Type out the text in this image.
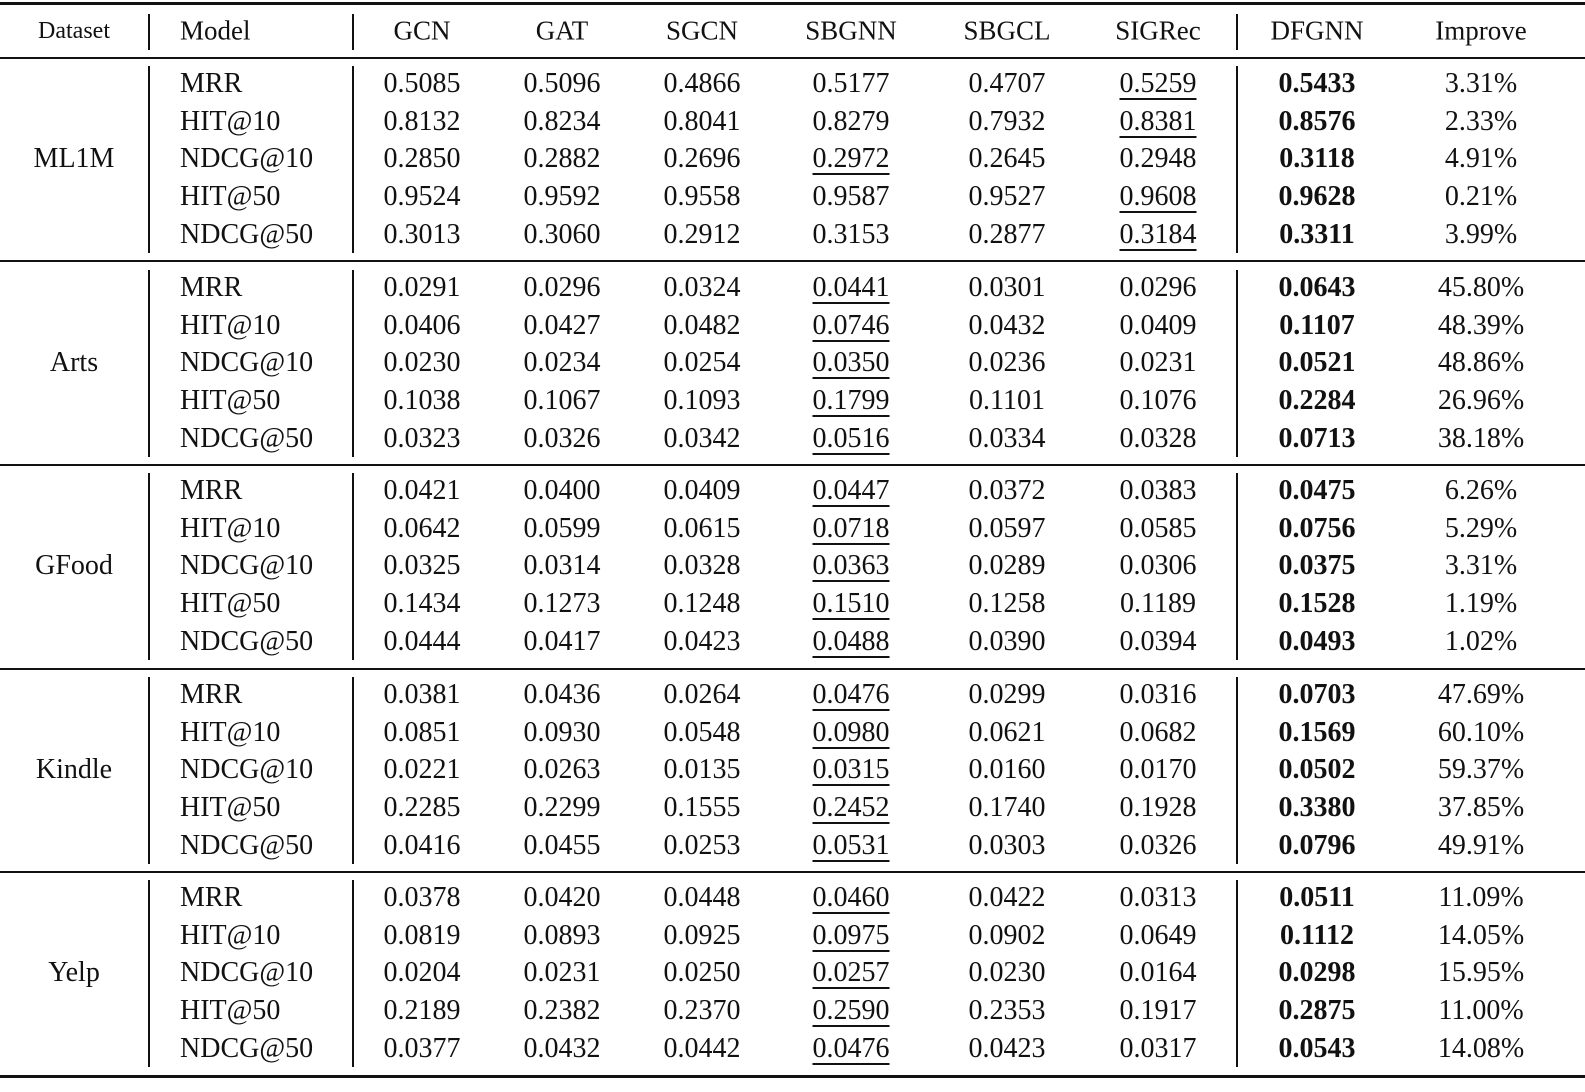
Dataset	Model	GCN	GAT	SGCN SBGNN SBGCL SIGRec	DFGNN	Improve
ML1M
MRR	0.5085 0.5096 0.4866	0.5177	0.4707	0.5259	0.5433	3.31%
HIT@10	0.8132 0.8234 0.8041	0.8279	0.7932	0.8381	0.8576	2.33%
NDCG@10	0.2850 0.2882 0.2696	0.2972	0.2645	0.2948	0.3118	4.91%
HIT@50	0.9524 0.9592 0.9558	0.9587	0.9527	0.9608	0.9628	0.21%
NDCG@50	0.3013 0.3060 0.2912	0.3153	0.2877	0.3184	0.3311	3.99%
Arts
MRR	0.0291 0.0296 0.0324	0.0441	0.0301	0.0296	0.0643	45.80%
HIT@10	0.0406 0.0427 0.0482	0.0746	0.0432	0.0409	0.1107	48.39%
NDCG@10	0.0230 0.0234 0.0254	0.0350	0.0236	0.0231	0.0521	48.86%
HIT@50	0.1038 0.1067 0.1093	0.1799	0.1101	0.1076	0.2284	26.96%
NDCG@50	0.0323 0.0326 0.0342	0.0516	0.0334	0.0328	0.0713	38.18%
GFood
MRR	0.0421 0.0400 0.0409	0.0447	0.0372	0.0383	0.0475	6.26%
HIT@10	0.0642 0.0599 0.0615	0.0718	0.0597	0.0585	0.0756	5.29%
NDCG@10	0.0325 0.0314 0.0328	0.0363	0.0289	0.0306	0.0375	3.31%
HIT@50	0.1434 0.1273 0.1248	0.1510	0.1258	0.1189	0.1528	1.19%
NDCG@50	0.0444 0.0417 0.0423	0.0488	0.0390	0.0394	0.0493	1.02%
Kindle
MRR	0.0381 0.0436 0.0264	0.0476	0.0299	0.0316	0.0703	47.69%
HIT@10	0.0851 0.0930 0.0548	0.0980	0.0621	0.0682	0.1569	60.10%
NDCG@10	0.0221 0.0263 0.0135	0.0315	0.0160	0.0170	0.0502	59.37%
HIT@50	0.2285 0.2299 0.1555	0.2452	0.1740	0.1928	0.3380	37.85%
NDCG@50	0.0416 0.0455 0.0253	0.0531	0.0303	0.0326	0.0796	49.91%
Yelp
MRR	0.0378 0.0420 0.0448	0.0460	0.0422	0.0313	0.0511	11.09%
HIT@10	0.0819 0.0893 0.0925	0.0975	0.0902	0.0649	0.1112	14.05%
NDCG@10	0.0204 0.0231 0.0250	0.0257	0.0230	0.0164	0.0298	15.95%
HIT@50	0.2189 0.2382 0.2370	0.2590	0.2353	0.1917	0.2875	11.00%
NDCG@50	0.0377 0.0432 0.0442	0.0476	0.0423	0.0317	0.0543	14.08%
